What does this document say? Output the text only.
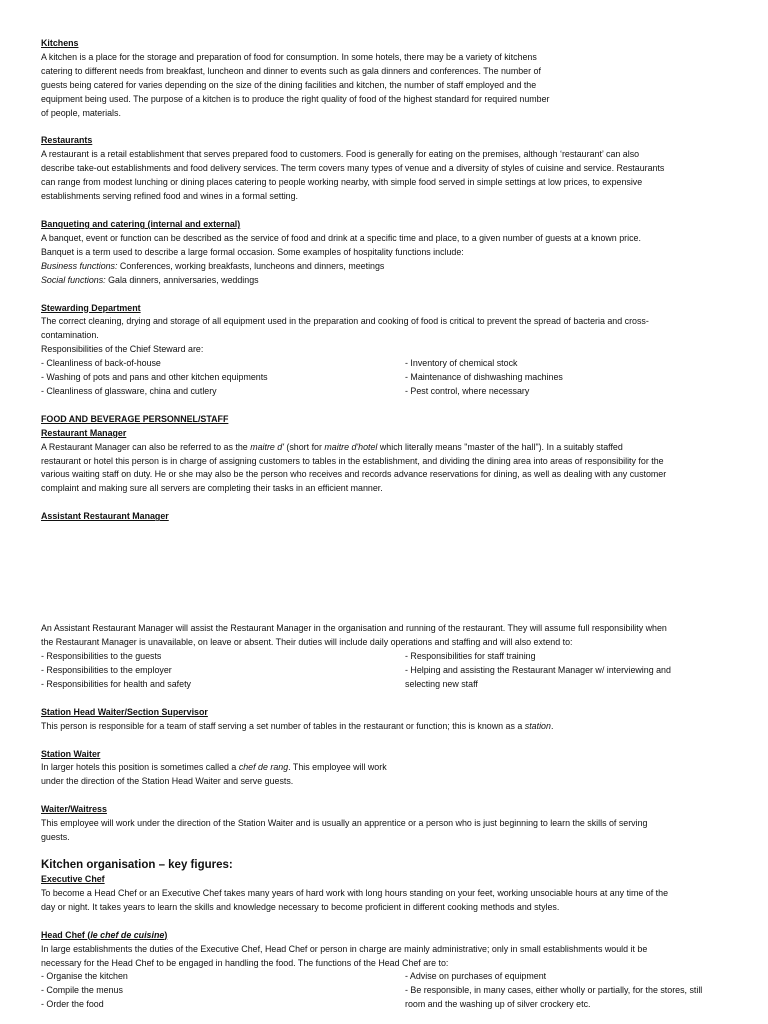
Kitchens
A kitchen is a place for the storage and preparation of food for consumption. In some hotels, there may be a variety of kitchens
catering to different needs from breakfast, luncheon and dinner to events such as gala dinners and conferences. The number of
guests being catered for varies depending on the size of the dining facilities and kitchen, the number of staff employed and the
equipment being used. The purpose of a kitchen is to produce the right quality of food of the highest standard for required number
of people, materials.
Restaurants
A restaurant is a retail establishment that serves prepared food to customers. Food is generally for eating on the premises, although ‘restaurant’ can also
describe take-out establishments and food delivery services. The term covers many types of venue and a diversity of styles of cuisine and service. Restaurants
can range from modest lunching or dining places catering to people working nearby, with simple food served in simple settings at low prices, to expensive
establishments serving refined food and wines in a formal setting.
Banqueting and catering (internal and external)
A banquet, event or function can be described as the service of food and drink at a specific time and place, to a given number of guests at a known price.
Banquet is a term used to describe a large formal occasion. Some examples of hospitality functions include:
Business functions: Conferences, working breakfasts, luncheons and dinners, meetings
Social functions: Gala dinners, anniversaries, weddings
Stewarding Department
The correct cleaning, drying and storage of all equipment used in the preparation and cooking of food is critical to prevent the spread of bacteria and cross-
contamination.
Responsibilities of the Chief Steward are:
- Cleanliness of back-of-house
- Washing of pots and pans and other kitchen equipments
- Cleanliness of glassware, china and cutlery
- Inventory of chemical stock
- Maintenance of dishwashing machines
- Pest control, where necessary
FOOD AND BEVERAGE PERSONNEL/STAFF
Restaurant Manager
A Restaurant Manager can also be referred to as the maitre d' (short for maitre d'hotel which literally means "master of the hall"). In a suitably staffed
restaurant or hotel this person is in charge of assigning customers to tables in the establishment, and dividing the dining area into areas of responsibility for the
various waiting staff on duty. He or she may also be the person who receives and records advance reservations for dining, as well as dealing with any customer
complaint and making sure all servers are completing their tasks in an efficient manner.
Assistant Restaurant Manager
An Assistant Restaurant Manager will assist the Restaurant Manager in the organisation and running of the restaurant. They will assume full responsibility when
the Restaurant Manager is unavailable, on leave or absent. Their duties will include daily operations and staffing and will also extend to:
- Responsibilities to the guests
- Responsibilities to the employer
- Responsibilities for health and safety
- Responsibilities for staff training
- Helping and assisting the Restaurant Manager w/ interviewing and
selecting new staff
Station Head Waiter/Section Supervisor
This person is responsible for a team of staff serving a set number of tables in the restaurant or function; this is known as a station.
Station Waiter
In larger hotels this position is sometimes called a chef de rang. This employee will work
under the direction of the Station Head Waiter and serve guests.
Waiter/Waitress
This employee will work under the direction of the Station Waiter and is usually an apprentice or a person who is just beginning to learn the skills of serving
guests.
Kitchen organisation – key figures:
Executive Chef
To become a Head Chef or an Executive Chef takes many years of hard work with long hours standing on your feet, working unsociable hours at any time of the
day or night. It takes years to learn the skills and knowledge necessary to become proficient in different cooking methods and styles.
Head Chef (le chef de cuisine)
In large establishments the duties of the Executive Chef, Head Chef or person in charge are mainly administrative; only in small establishments would it be
necessary for the Head Chef to be engaged in handling the food. The functions of the Head Chef are to:
- Organise the kitchen
- Compile the menus
- Order the food
- Advise on purchases of equipment
- Be responsible, in many cases, either wholly or partially, for the stores, still
room and the washing up of silver crockery etc.
